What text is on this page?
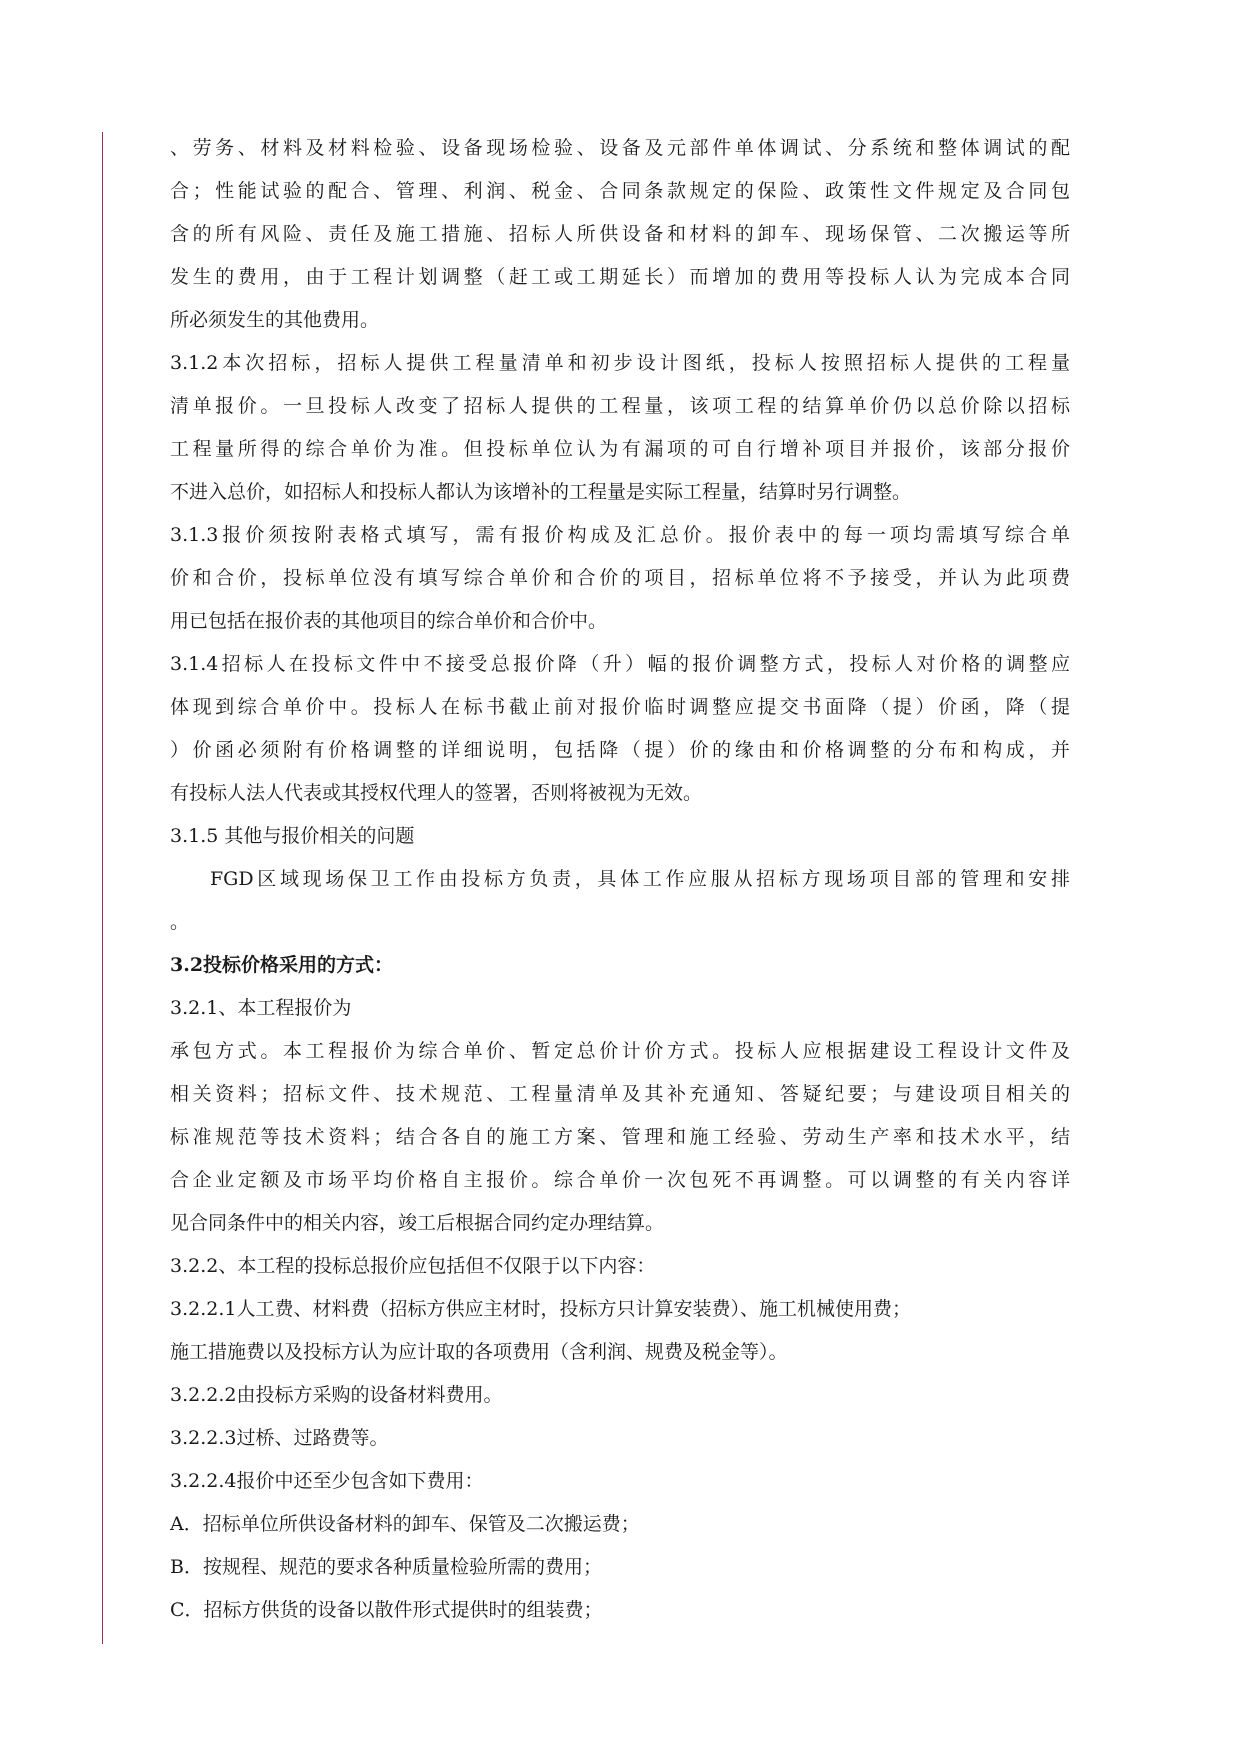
、劳务、材料及材料检验、设备现场检验、设备及元部件单体调试、分系统和整体调试的配
合；性能试验的配合、管理、利润、税金、合同条款规定的保险、政策性文件规定及合同包
含的所有风险、责任及施工措施、招标人所供设备和材料的卸车、现场保管、二次搬运等所
发生的费用，由于工程计划调整（赶工或工期延长）而增加的费用等投标人认为完成本合同
所必须发生的其他费用。
3.1.2本次招标，招标人提供工程量清单和初步设计图纸，投标人按照招标人提供的工程量
清单报价。一旦投标人改变了招标人提供的工程量，该项工程的结算单价仍以总价除以招标
工程量所得的综合单价为准。但投标单位认为有漏项的可自行增补项目并报价，该部分报价
不进入总价，如招标人和投标人都认为该增补的工程量是实际工程量，结算时另行调整。
3.1.3报价须按附表格式填写，需有报价构成及汇总价。报价表中的每一项均需填写综合单
价和合价，投标单位没有填写综合单价和合价的项目，招标单位将不予接受，并认为此项费
用已包括在报价表的其他项目的综合单价和合价中。
3.1.4招标人在投标文件中不接受总报价降（升）幅的报价调整方式，投标人对价格的调整应
体现到综合单价中。投标人在标书截止前对报价临时调整应提交书面降（提）价函，降（提
）价函必须附有价格调整的详细说明，包括降（提）价的缘由和价格调整的分布和构成，并
有投标人法人代表或其授权代理人的签署，否则将被视为无效。
3.1.5 其他与报价相关的问题
FGD区域现场保卫工作由投标方负责，具体工作应服从招标方现场项目部的管理和安排
。
3.2投标价格采用的方式：
3.2.1、本工程报价为
承包方式。本工程报价为综合单价、暂定总价计价方式。投标人应根据建设工程设计文件及
相关资料；招标文件、技术规范、工程量清单及其补充通知、答疑纪要；与建设项目相关的
标准规范等技术资料；结合各自的施工方案、管理和施工经验、劳动生产率和技术水平，结
合企业定额及市场平均价格自主报价。综合单价一次包死不再调整。可以调整的有关内容详
见合同条件中的相关内容，竣工后根据合同约定办理结算。
3.2.2、本工程的投标总报价应包括但不仅限于以下内容：
3.2.2.1人工费、材料费（招标方供应主材时，投标方只计算安装费）、施工机械使用费；
施工措施费以及投标方认为应计取的各项费用（含利润、规费及税金等）。
3.2.2.2由投标方采购的设备材料费用。
3.2.2.3过桥、过路费等。
3.2.2.4报价中还至少包含如下费用：
A．招标单位所供设备材料的卸车、保管及二次搬运费；
B．按规程、规范的要求各种质量检验所需的费用；
C．招标方供货的设备以散件形式提供时的组装费；
